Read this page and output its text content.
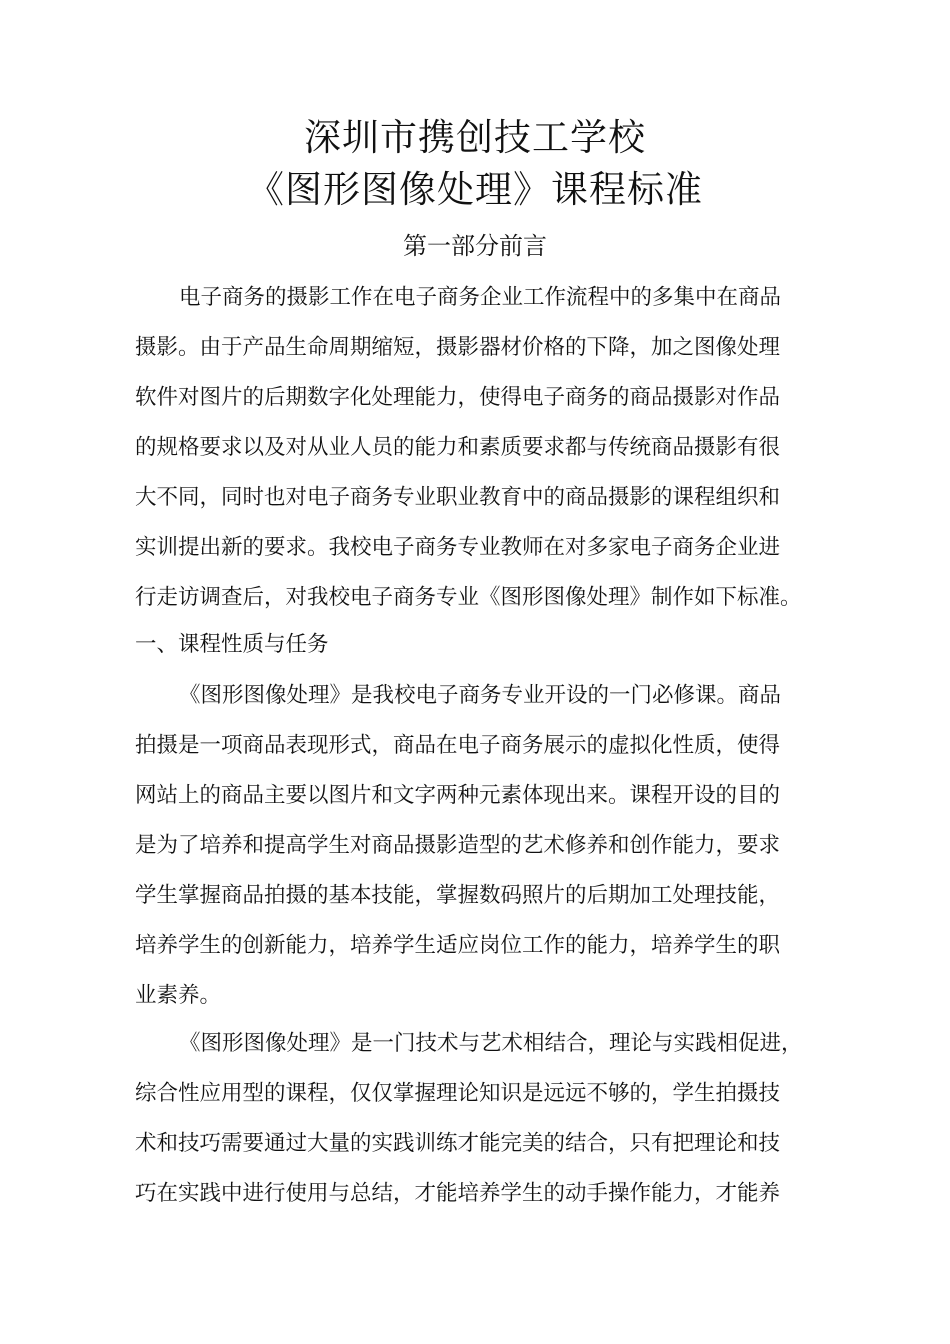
深圳市携创技工学校
《图形图像处理》课程标准
第一部分前言
电子商务的摄影工作在电子商务企业工作流程中的多集中在商品
摄影。由于产品生命周期缩短，摄影器材价格的下降，加之图像处理
软件对图片的后期数字化处理能力，使得电子商务的商品摄影对作品
的规格要求以及对从业人员的能力和素质要求都与传统商品摄影有很
大不同，同时也对电子商务专业职业教育中的商品摄影的课程组织和
实训提出新的要求。我校电子商务专业教师在对多家电子商务企业进
行走访调查后，对我校电子商务专业《图形图像处理》制作如下标准。
一、课程性质与任务
《图形图像处理》是我校电子商务专业开设的一门必修课。商品
拍摄是一项商品表现形式，商品在电子商务展示的虚拟化性质，使得
网站上的商品主要以图片和文字两种元素体现出来。课程开设的目的
是为了培养和提高学生对商品摄影造型的艺术修养和创作能力，要求
学生掌握商品拍摄的基本技能，掌握数码照片的后期加工处理技能，
培养学生的创新能力，培养学生适应岗位工作的能力，培养学生的职
业素养。
《图形图像处理》是一门技术与艺术相结合，理论与实践相促进，
综合性应用型的课程，仅仅掌握理论知识是远远不够的，学生拍摄技
术和技巧需要通过大量的实践训练才能完美的结合，只有把理论和技
巧在实践中进行使用与总结，才能培养学生的动手操作能力，才能养
